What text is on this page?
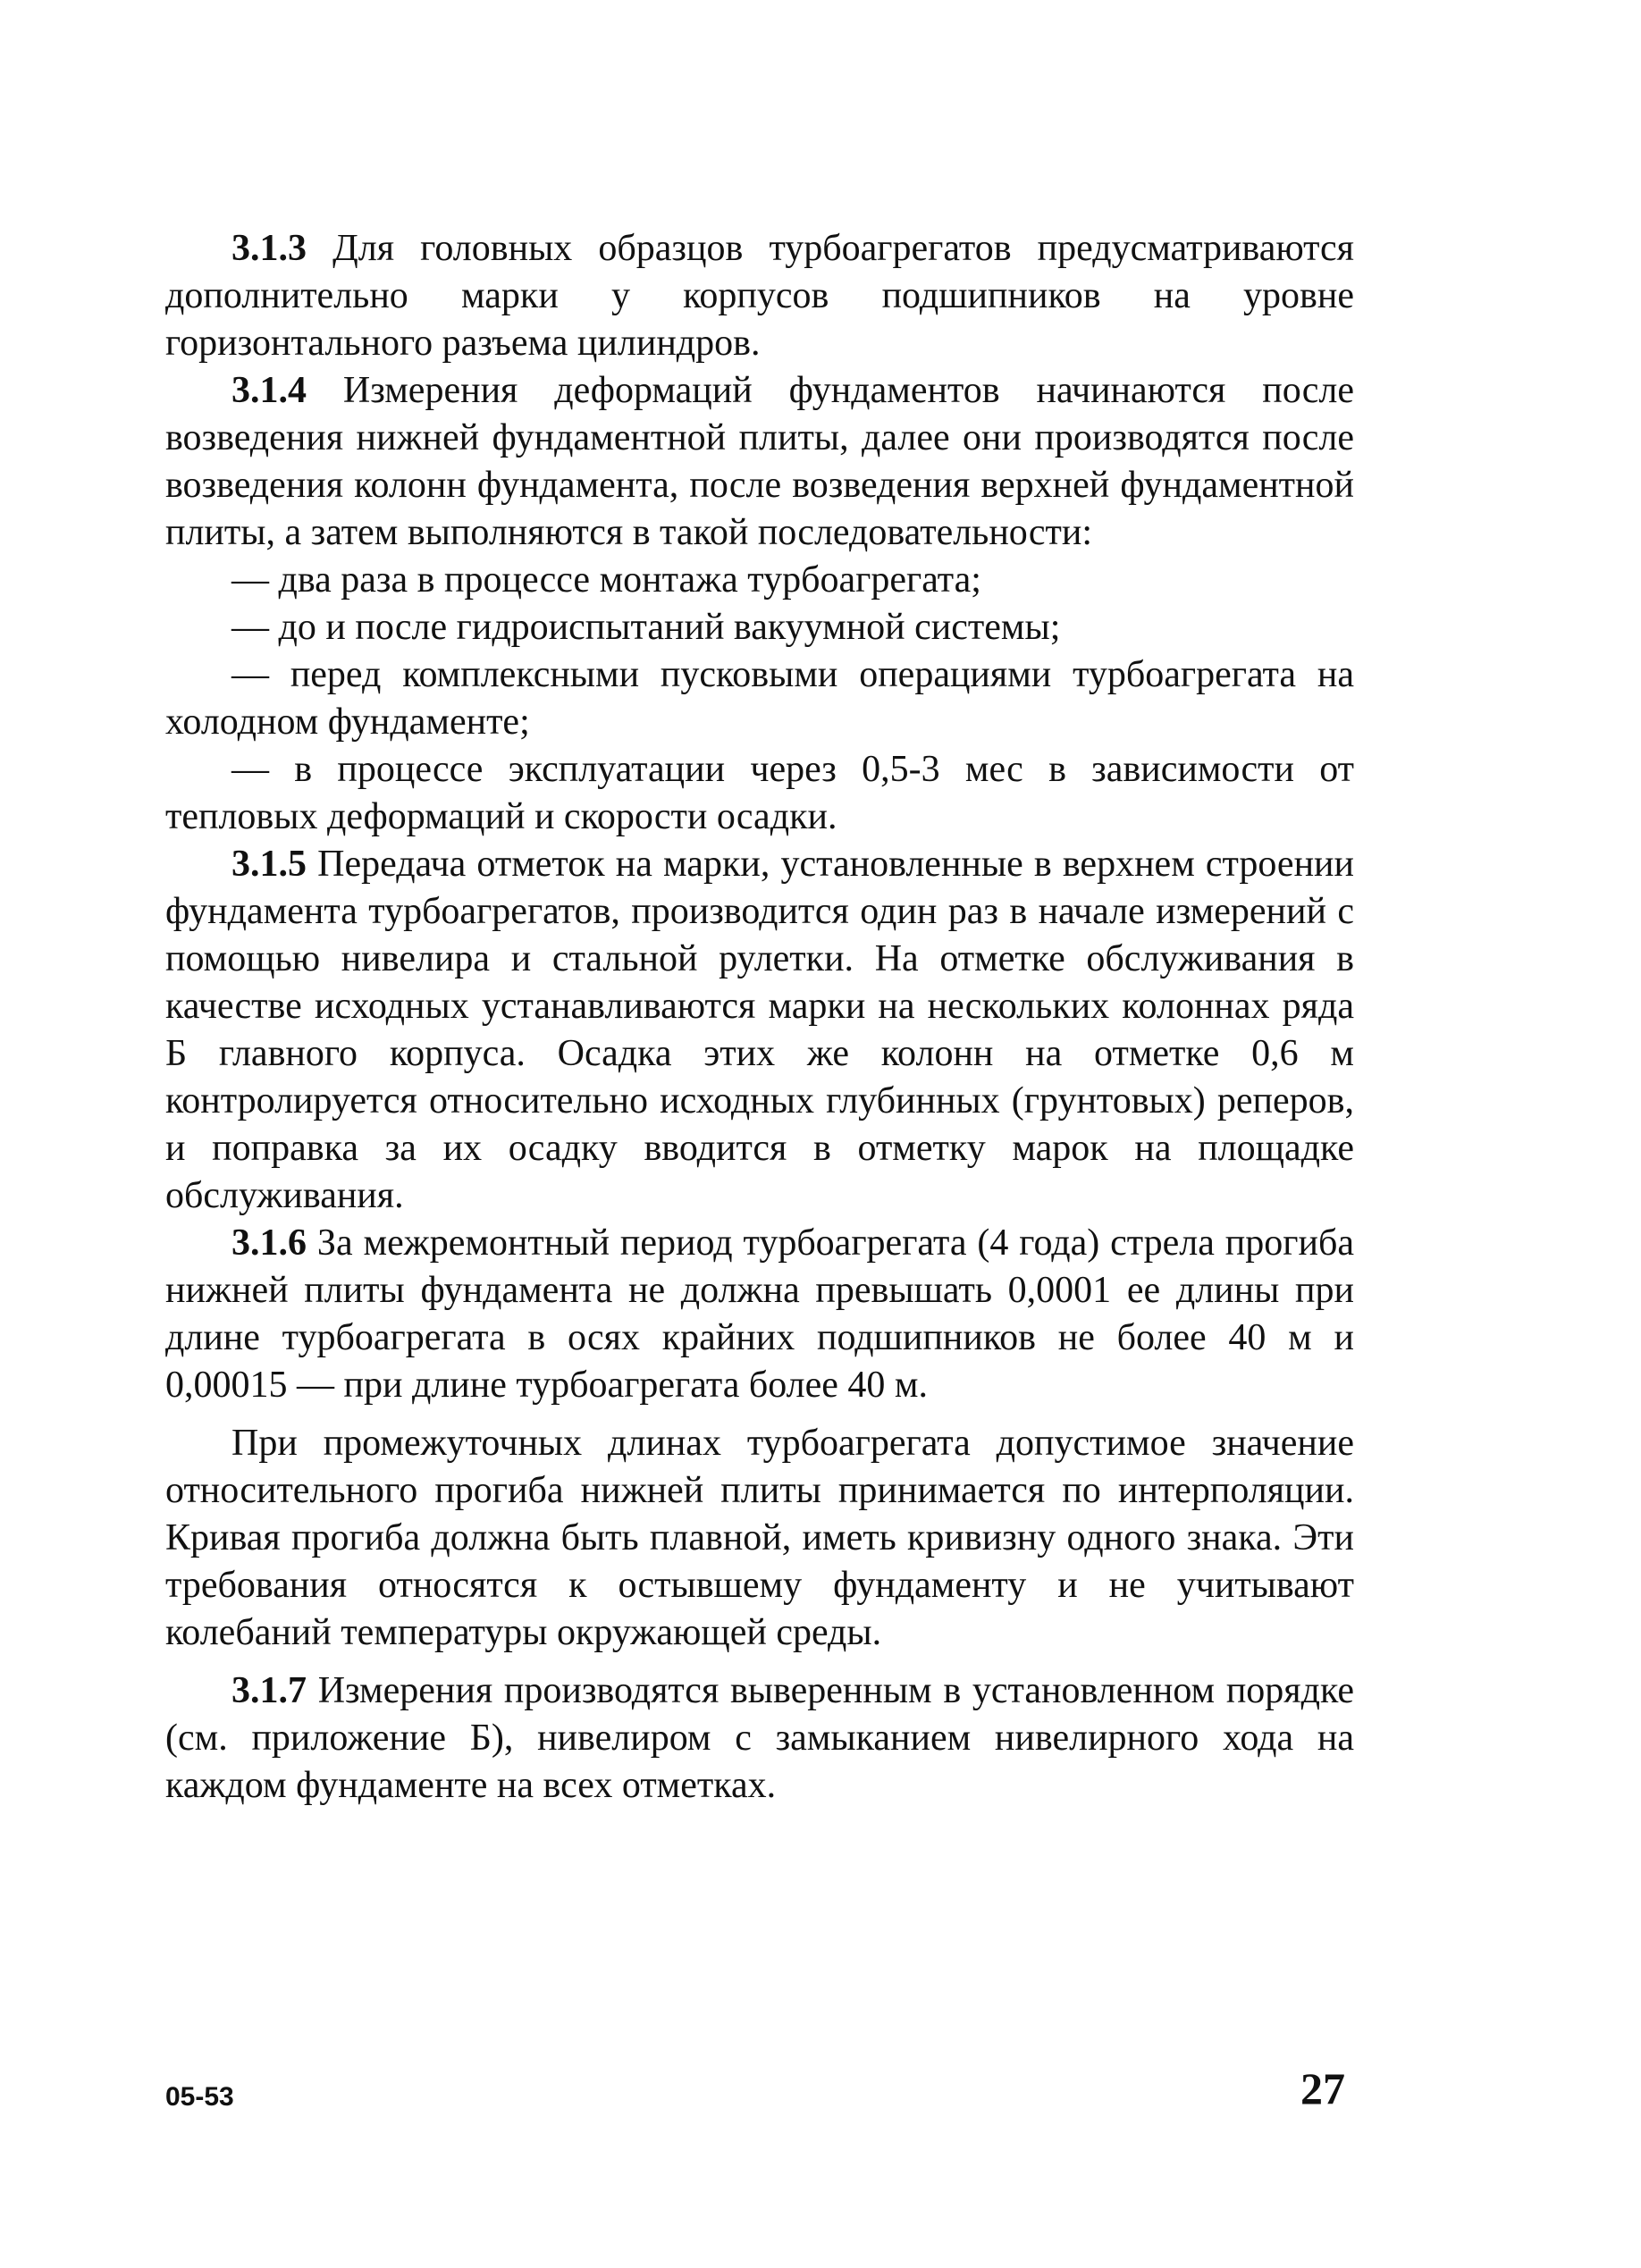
3.1.3 Для головных образцов турбоагрегатов предусматриваются дополнительно марки у корпусов подшипников на уровне горизонтального разъема цилиндров.

3.1.4 Измерения деформаций фундаментов начинаются после возведения нижней фундаментной плиты, далее они производятся после возведения колонн фундамента, после возведения верхней фундаментной плиты, а затем выполняются в такой последовательности:

— два раза в процессе монтажа турбоагрегата;

— до и после гидроиспытаний вакуумной системы;

— перед комплексными пусковыми операциями турбоагрегата на холодном фундаменте;

— в процессе эксплуатации через 0,5-3 мес в зависимости от тепловых деформаций и скорости осадки.

3.1.5 Передача отметок на марки, установленные в верхнем строении фундамента турбоагрегатов, производится один раз в начале измерений с помощью нивелира и стальной рулетки. На отметке обслуживания в качестве исходных устанавливаются марки на нескольких колоннах ряда Б главного корпуса. Осадка этих же колонн на отметке 0,6 м контролируется относительно исходных глубинных (грунтовых) реперов, и поправка за их осадку вводится в отметку марок на площадке обслуживания.

3.1.6 За межремонтный период турбоагрегата (4 года) стрела прогиба нижней плиты фундамента не должна превышать 0,0001 ее длины при длине турбоагрегата в осях крайних подшипников не более 40 м и 0,00015 — при длине турбоагрегата более 40 м.

При промежуточных длинах турбоагрегата допустимое значение относительного прогиба нижней плиты принимается по интерполяции. Кривая прогиба должна быть плавной, иметь кривизну одного знака. Эти требования относятся к остывшему фундаменту и не учитывают колебаний температуры окружающей среды.

3.1.7 Измерения производятся выверенным в установленном порядке (см. приложение Б), нивелиром с замыканием нивелирного хода на каждом фундаменте на всех отметках.

05-53	27
